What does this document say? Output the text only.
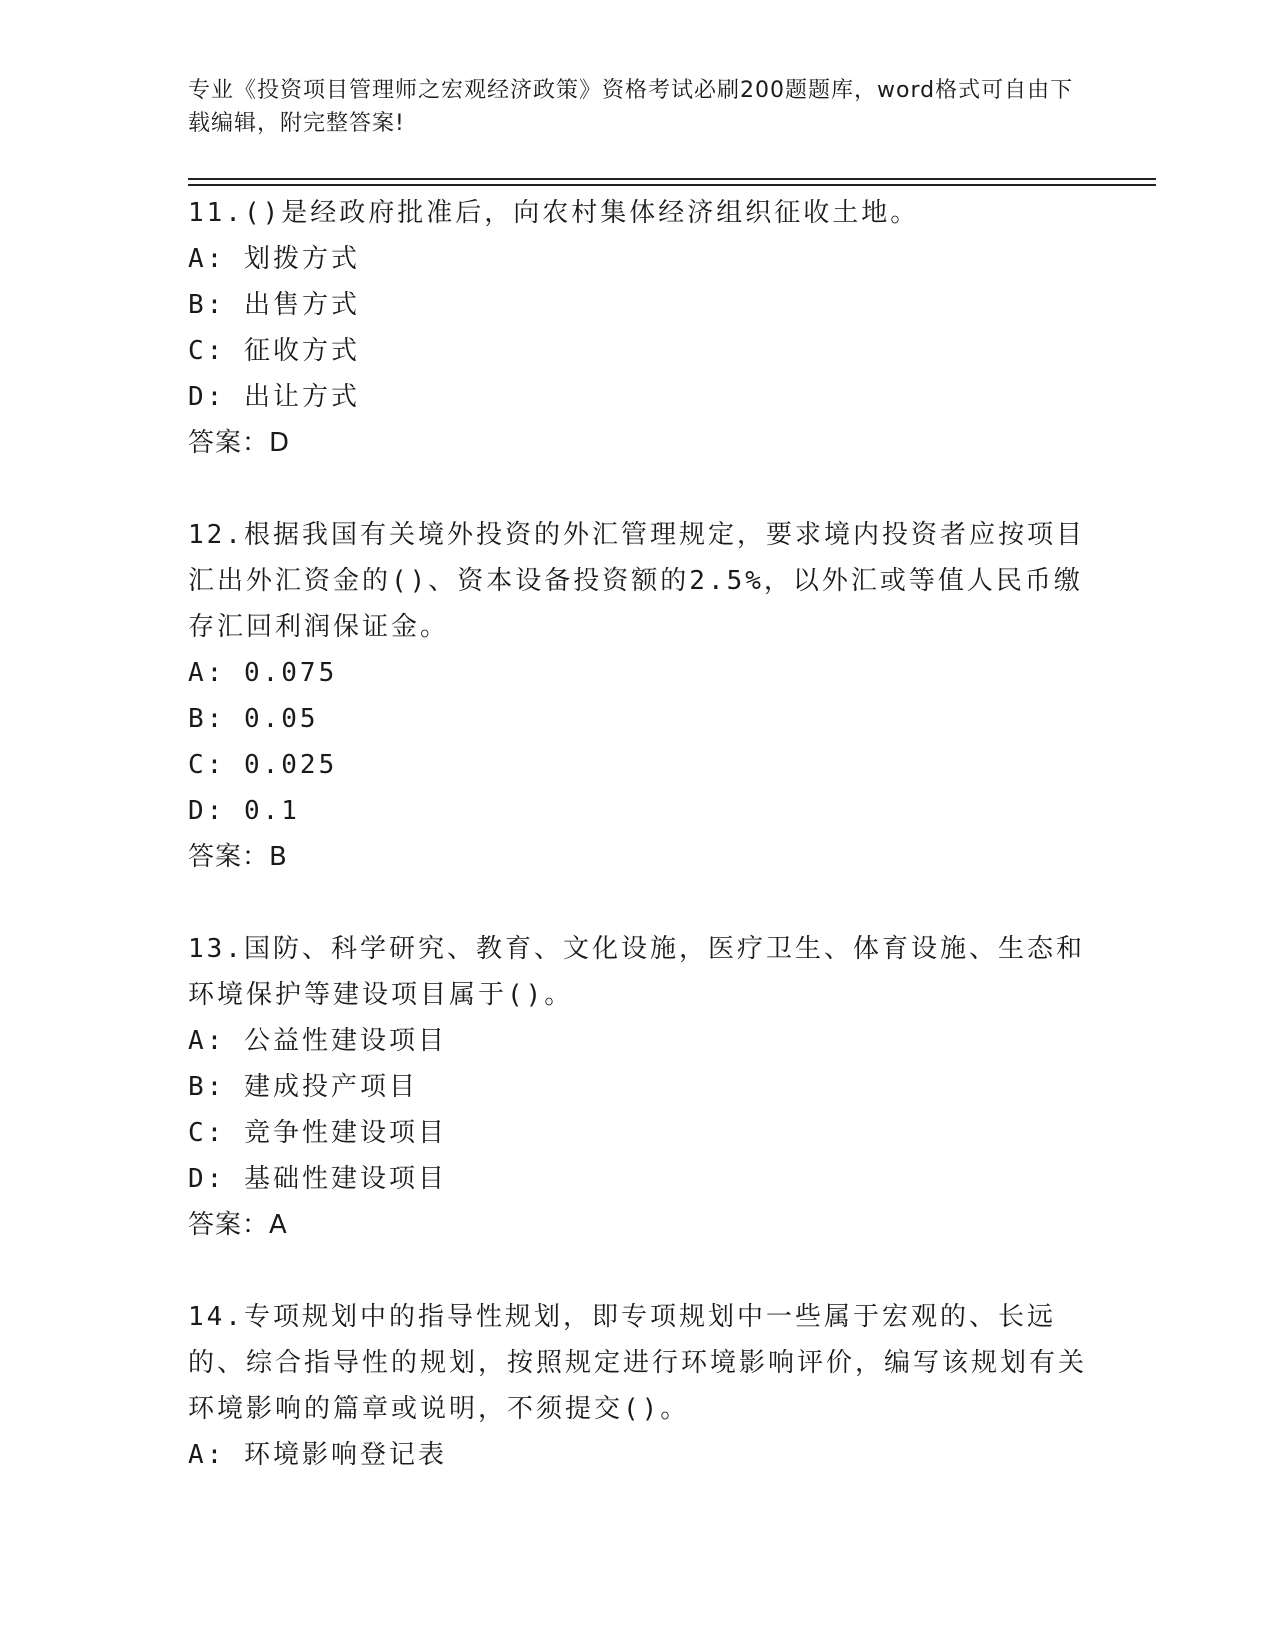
专业《投资项目管理师之宏观经济政策》资格考试必刷200题题库，word格式可自由下载编辑，附完整答案!
11.()是经政府批准后，向农村集体经济组织征收土地。
A: 划拨方式
B: 出售方式
C: 征收方式
D: 出让方式
答案：D
12.根据我国有关境外投资的外汇管理规定，要求境内投资者应按项目汇出外汇资金的()、资本设备投资额的2.5%，以外汇或等值人民币缴存汇回利润保证金。
A: 0.075
B: 0.05
C: 0.025
D: 0.1
答案：B
13.国防、科学研究、教育、文化设施，医疗卫生、体育设施、生态和环境保护等建设项目属于()。
A: 公益性建设项目
B: 建成投产项目
C: 竞争性建设项目
D: 基础性建设项目
答案：A
14.专项规划中的指导性规划，即专项规划中一些属于宏观的、长远的、综合指导性的规划，按照规定进行环境影响评价，编写该规划有关环境影响的篇章或说明，不须提交()。
A: 环境影响登记表
